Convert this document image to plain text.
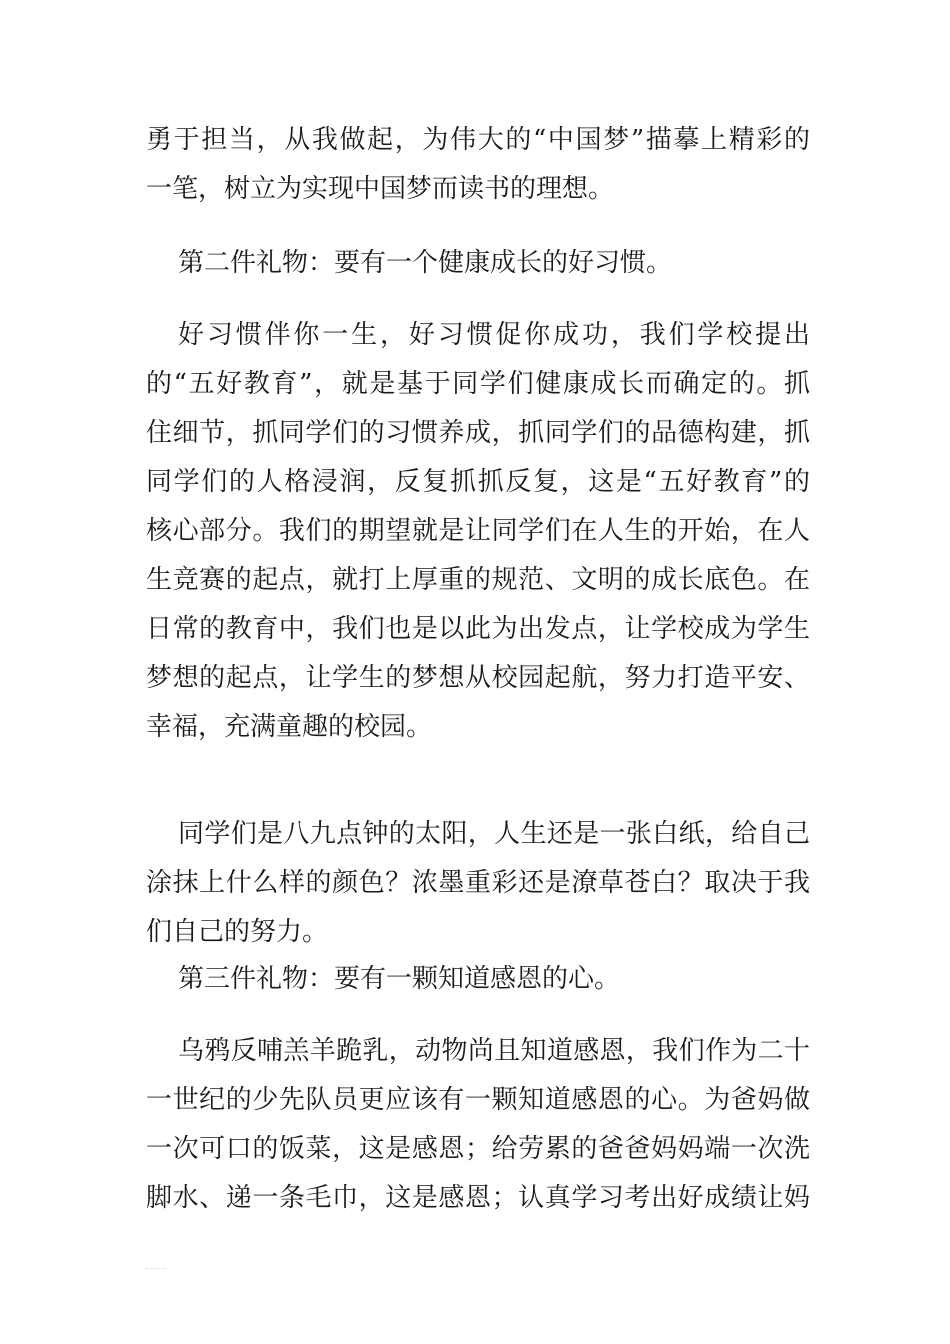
勇于担当，从我做起，为伟大的“中国梦”描摹上精彩的
一笔，树立为实现中国梦而读书的理想。
第二件礼物：要有一个健康成长的好习惯。
好习惯伴你一生，好习惯促你成功，我们学校提出
的“五好教育”，就是基于同学们健康成长而确定的。抓
住细节，抓同学们的习惯养成，抓同学们的品德构建，抓
同学们的人格浸润，反复抓抓反复，这是“五好教育”的
核心部分。我们的期望就是让同学们在人生的开始，在人
生竞赛的起点，就打上厚重的规范、文明的成长底色。在
日常的教育中，我们也是以此为出发点，让学校成为学生
梦想的起点，让学生的梦想从校园起航，努力打造平安、
幸福，充满童趣的校园。
同学们是八九点钟的太阳，人生还是一张白纸，给自己
涂抹上什么样的颜色？浓墨重彩还是潦草苍白？取决于我
们自己的努力。
第三件礼物：要有一颗知道感恩的心。
乌鸦反哺羔羊跪乳，动物尚且知道感恩，我们作为二十
一世纪的少先队员更应该有一颗知道感恩的心。为爸妈做
一次可口的饭菜，这是感恩；给劳累的爸爸妈妈端一次洗
脚水、递一条毛巾，这是感恩；认真学习考出好成绩让妈
